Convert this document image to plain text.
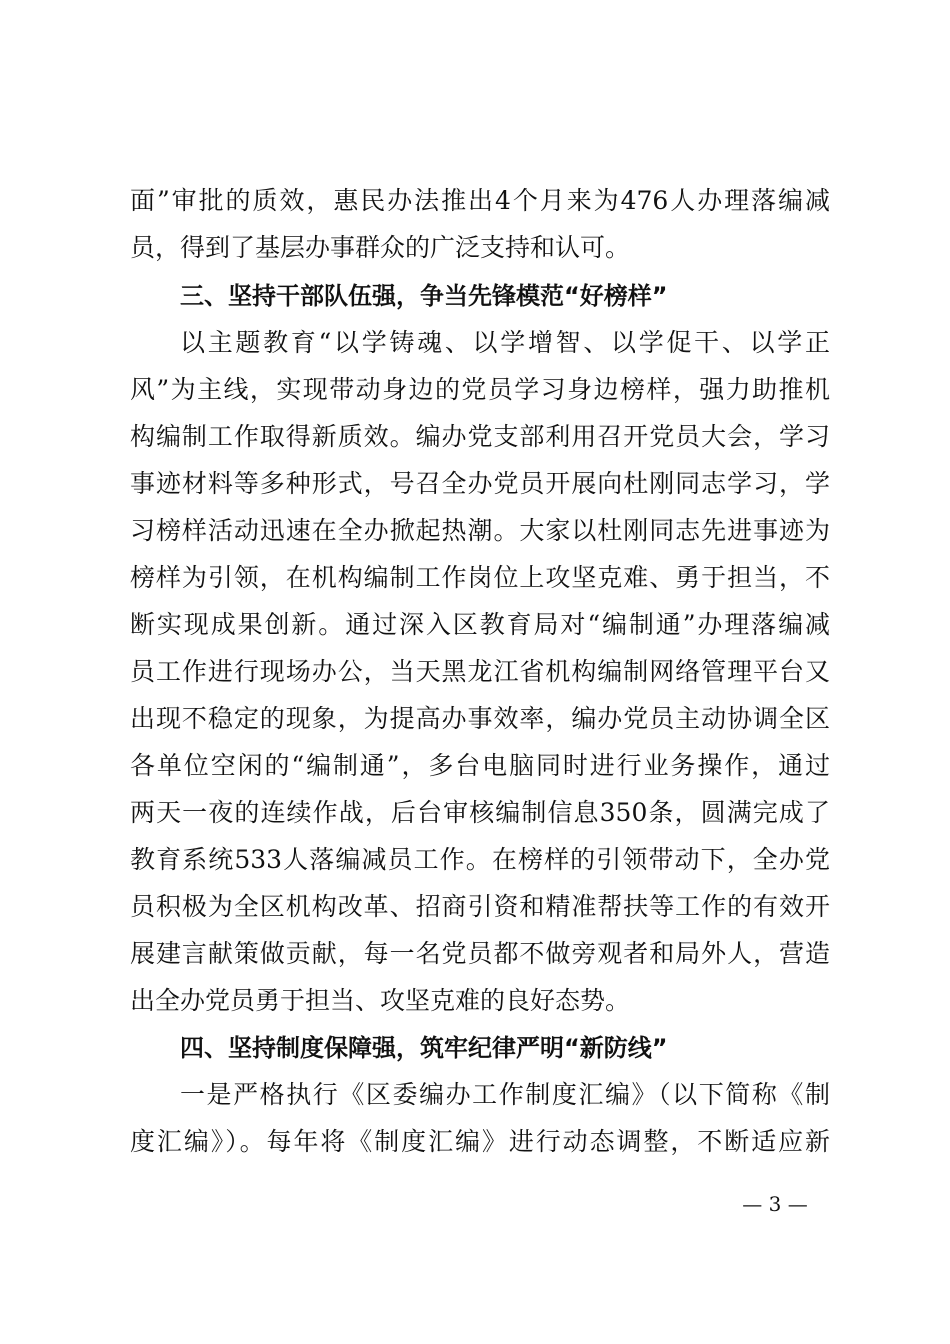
面”审批的质效，惠民办法推出4个月来为476人办理落编减
员，得到了基层办事群众的广泛支持和认可。
三、坚持干部队伍强，争当先锋模范“好榜样”
以主题教育“以学铸魂、以学增智、以学促干、以学正
风”为主线，实现带动身边的党员学习身边榜样，强力助推机
构编制工作取得新质效。编办党支部利用召开党员大会，学习
事迹材料等多种形式，号召全办党员开展向杜刚同志学习，学
习榜样活动迅速在全办掀起热潮。大家以杜刚同志先进事迹为
榜样为引领，在机构编制工作岗位上攻坚克难、勇于担当，不
断实现成果创新。通过深入区教育局对“编制通”办理落编减
员工作进行现场办公，当天黑龙江省机构编制网络管理平台又
出现不稳定的现象，为提高办事效率，编办党员主动协调全区
各单位空闲的“编制通”，多台电脑同时进行业务操作，通过
两天一夜的连续作战，后台审核编制信息350条，圆满完成了
教育系统533人落编减员工作。在榜样的引领带动下，全办党
员积极为全区机构改革、招商引资和精准帮扶等工作的有效开
展建言献策做贡献，每一名党员都不做旁观者和局外人，营造
出全办党员勇于担当、攻坚克难的良好态势。
四、坚持制度保障强，筑牢纪律严明“新防线”
一是严格执行《区委编办工作制度汇编》（以下简称《制
度汇编》）。每年将《制度汇编》进行动态调整，不断适应新
— 3 —
